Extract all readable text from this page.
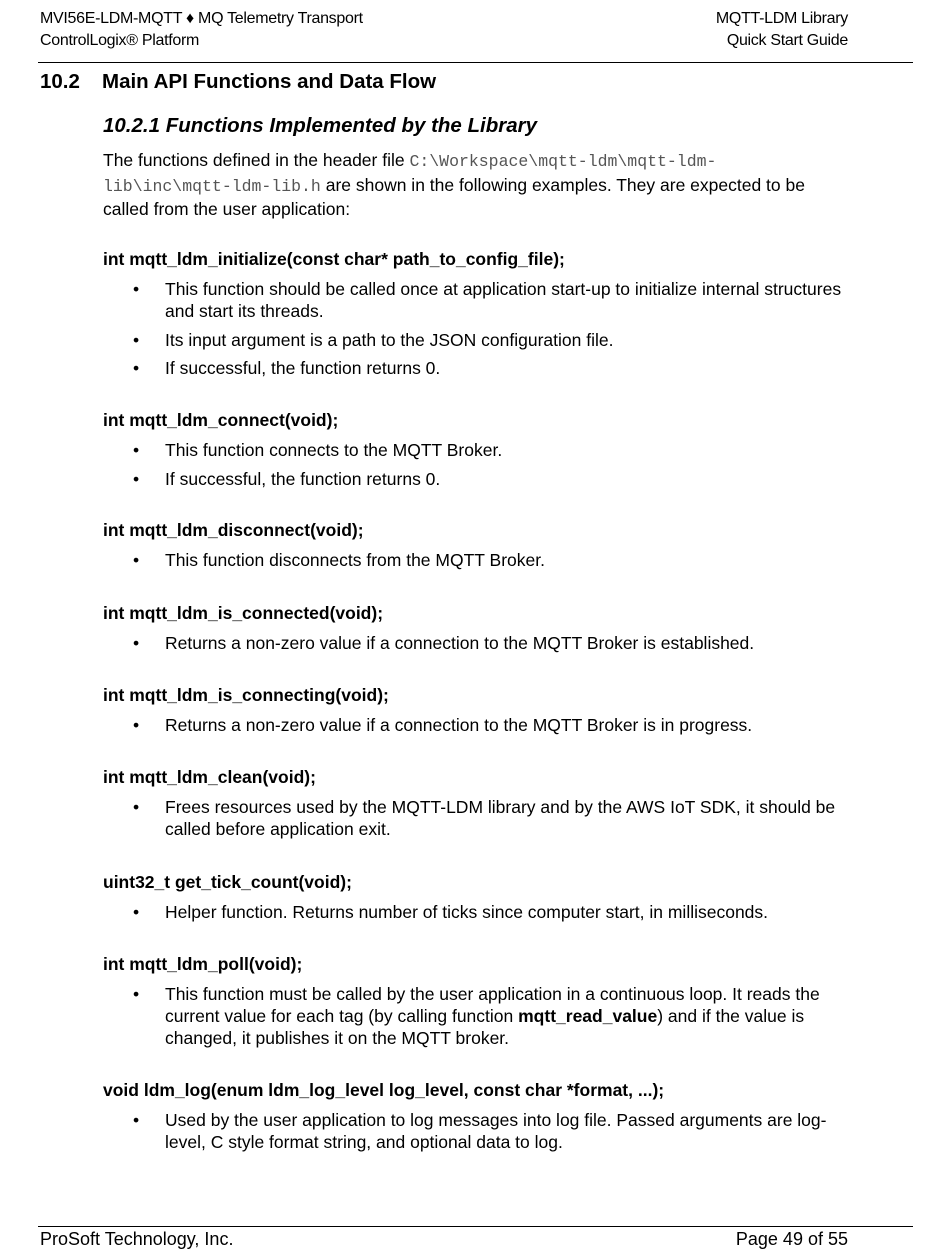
MVI56E-LDM-MQTT ♦ MQ Telemetry Transport
ControlLogix® Platform
MQTT-LDM Library
Quick Start Guide
10.2 Main API Functions and Data Flow
10.2.1 Functions Implemented by the Library
The functions defined in the header file C:\Workspace\mqtt-ldm\mqtt-ldm-
lib\inc\mqtt-ldm-lib.h are shown in the following examples. They are expected to be called from the user application:
int mqtt_ldm_initialize(const char* path_to_config_file);
• This function should be called once at application start-up to initialize internal structures and start its threads.
• Its input argument is a path to the JSON configuration file.
• If successful, the function returns 0.
int mqtt_ldm_connect(void);
• This function connects to the MQTT Broker.
• If successful, the function returns 0.
int mqtt_ldm_disconnect(void);
• This function disconnects from the MQTT Broker.
int mqtt_ldm_is_connected(void);
• Returns a non-zero value if a connection to the MQTT Broker is established.
int mqtt_ldm_is_connecting(void);
• Returns a non-zero value if a connection to the MQTT Broker is in progress.
int mqtt_ldm_clean(void);
• Frees resources used by the MQTT-LDM library and by the AWS IoT SDK, it should be called before application exit.
uint32_t get_tick_count(void);
• Helper function. Returns number of ticks since computer start, in milliseconds.
int mqtt_ldm_poll(void);
• This function must be called by the user application in a continuous loop. It reads the current value for each tag (by calling function mqtt_read_value) and if the value is changed, it publishes it on the MQTT broker.
void ldm_log(enum ldm_log_level log_level, const char *format, ...);
• Used by the user application to log messages into log file. Passed arguments are log-level, C style format string, and optional data to log.
ProSoft Technology, Inc.	Page 49 of 55
